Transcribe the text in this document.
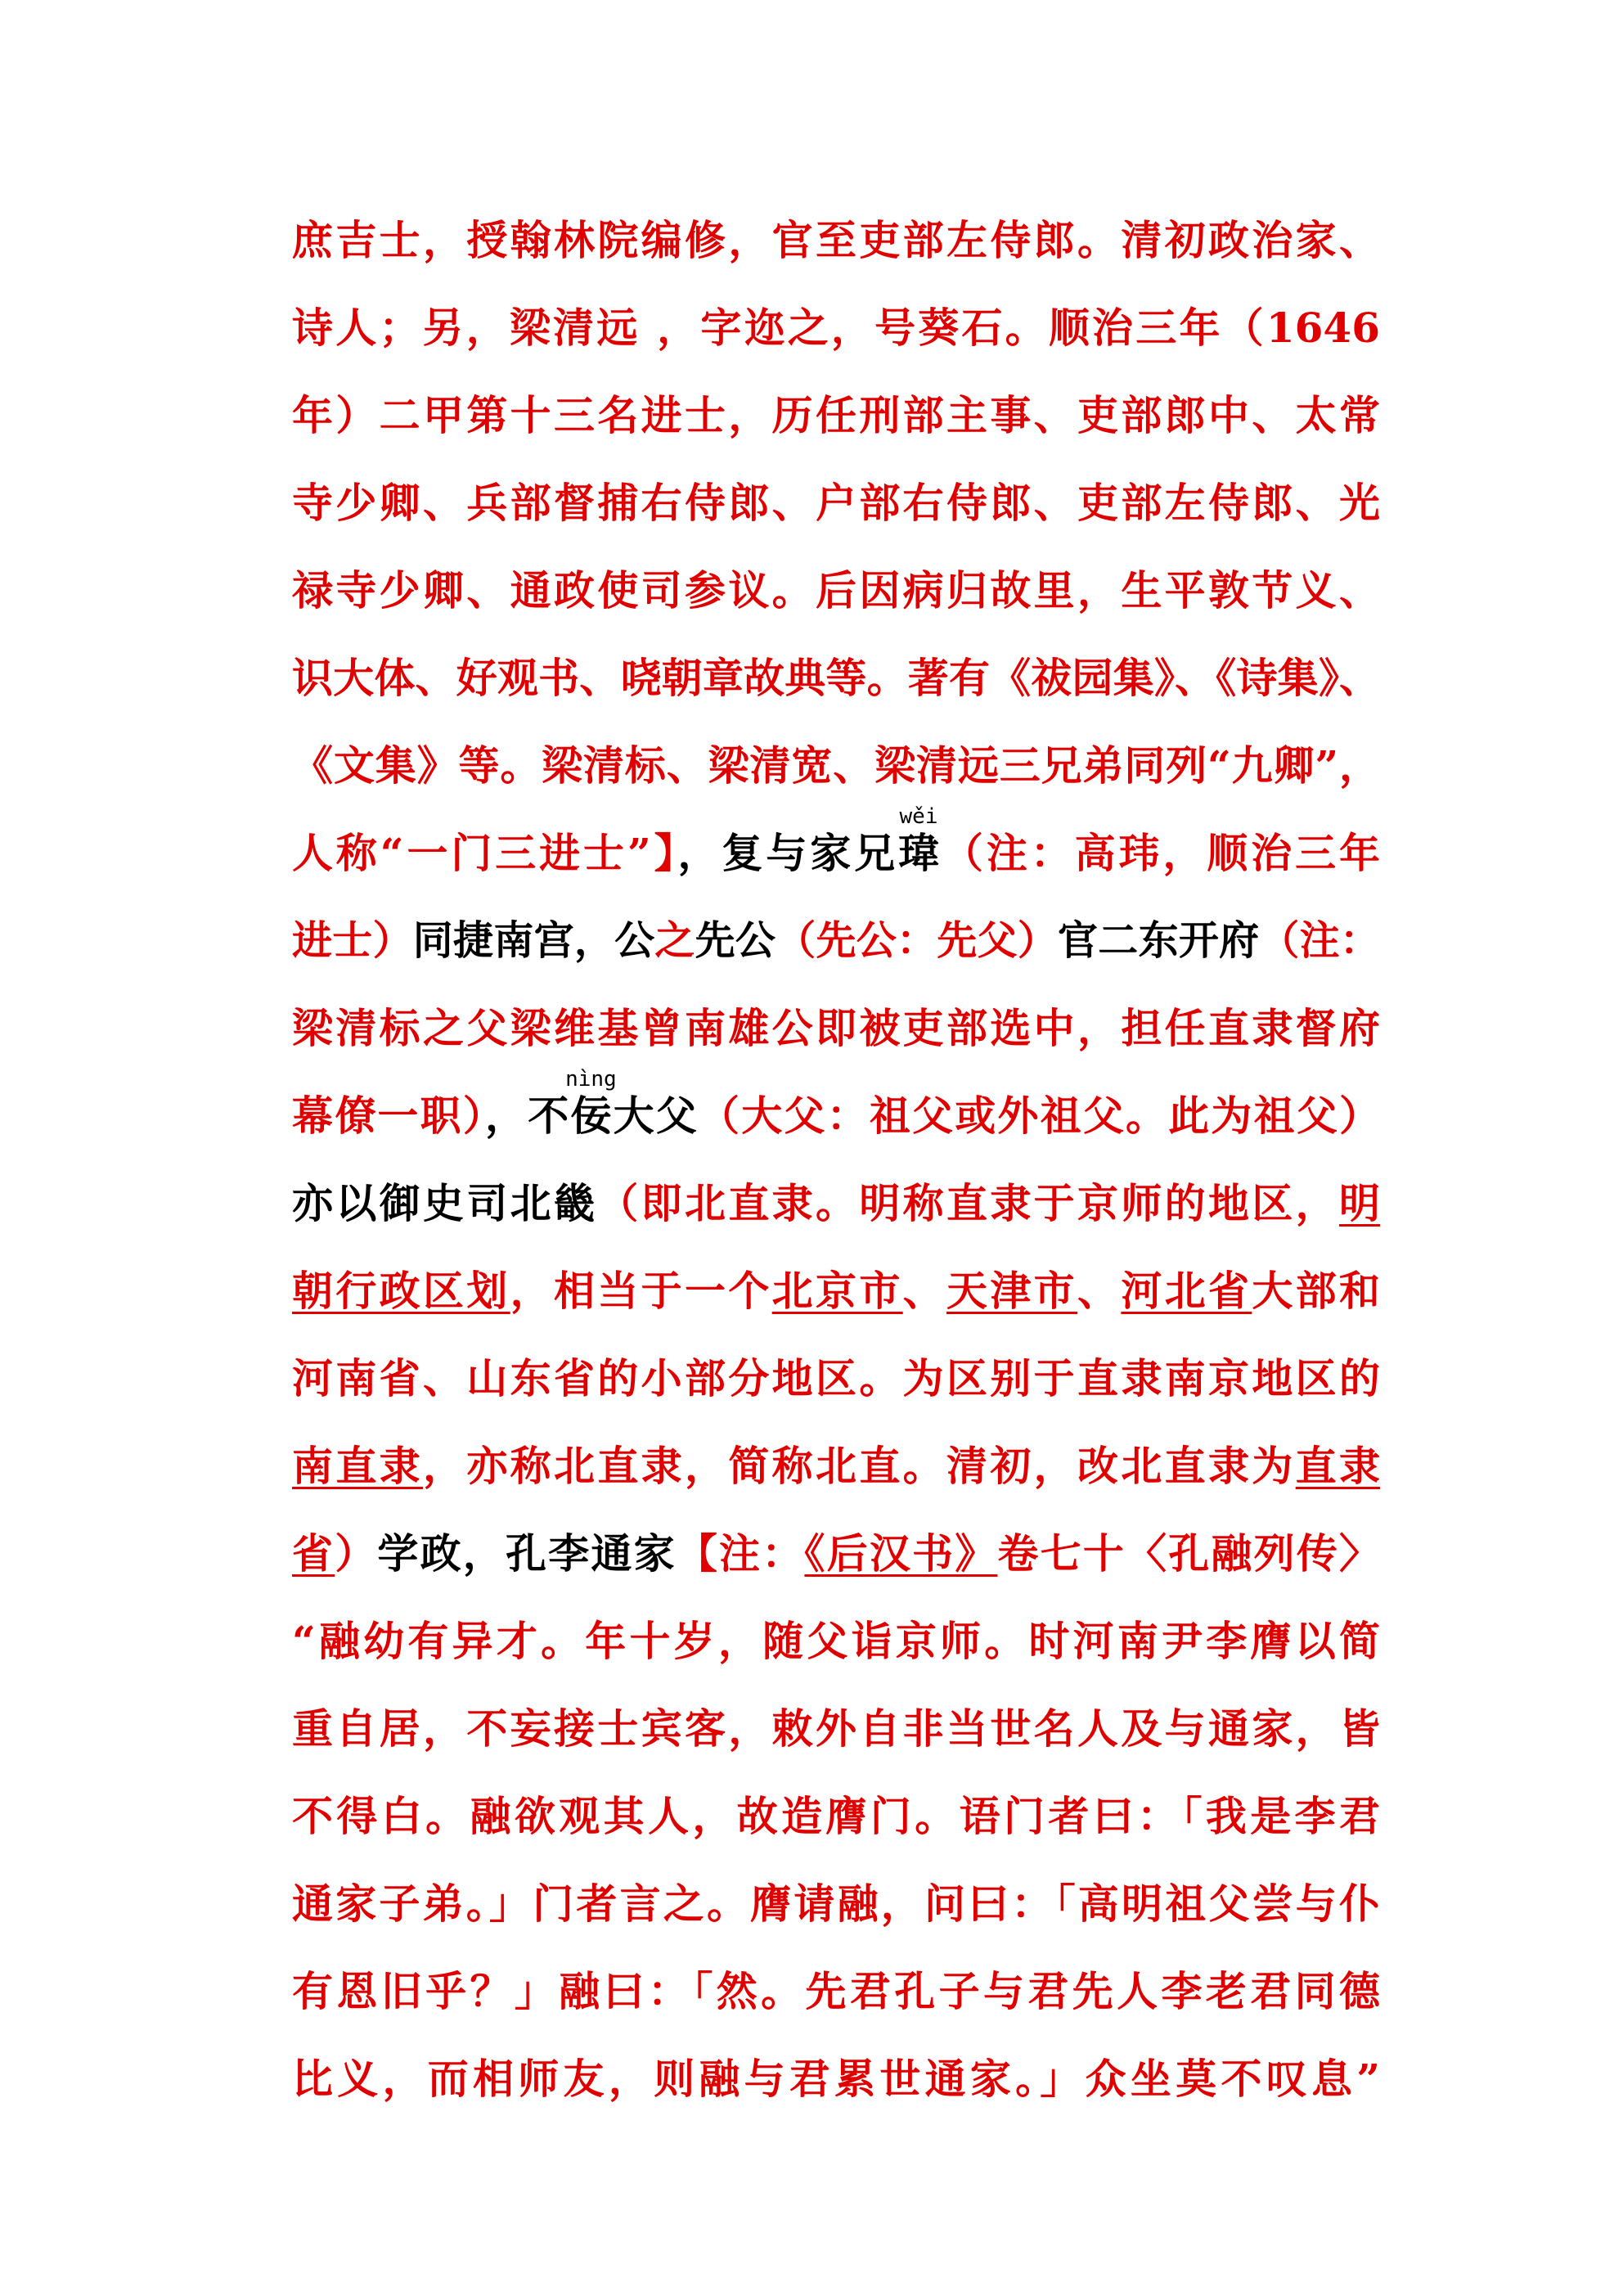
庶吉士，授翰林院编修，官至吏部左侍郎。清初政治家、
诗人；另，梁清远 ，字迩之，号葵石。顺治三年（1646
年）二甲第十三名进士，历任刑部主事、吏部郎中、太常
寺少卿、兵部督捕右侍郎、户部右侍郎、吏部左侍郎、光
禄寺少卿、通政使司参议。后因病归故里，生平敦节义、
识大体、好观书、哓朝章故典等。著有《祓园集》、《诗集》、
《文集》等。梁清标、梁清宽、梁清远三兄弟同列“九卿”，
人称“一门三进士”】，复与家兄
wěi
瑋（注：高玮，顺治三年
进士）同捷南宫，公之先公（先公：先父）官二东开府（注：
梁清标之父梁维基曾南雄公即被吏部选中，担任直隶督府
幕僚一职），不
nìng
佞大父（大父：祖父或外祖父。此为祖父）
亦以御史司北畿（即北直隶。明称直隶于京师的地区，明
朝行政区划，相当于一个北京市、天津市、河北省大部和
河南省、山东省的小部分地区。为区别于直隶南京地区的
南直隶，亦称北直隶，简称北直。清初，改北直隶为直隶
省）学政，孔李通家【注：《后汉书》卷七十〈孔融列传〉
“融幼有异才。年十岁，随父诣京师。时河南尹李膺以简
重自居，不妄接士宾客，敕外自非当世名人及与通家，皆
不得白。融欲观其人，故造膺门。语门者曰：「我是李君
通家子弟。」门者言之。膺请融，问曰：「高明祖父尝与仆
有恩旧乎？」融曰：「然。先君孔子与君先人李老君同德
比义，而相师友，则融与君累世通家。」众坐莫不叹息”
